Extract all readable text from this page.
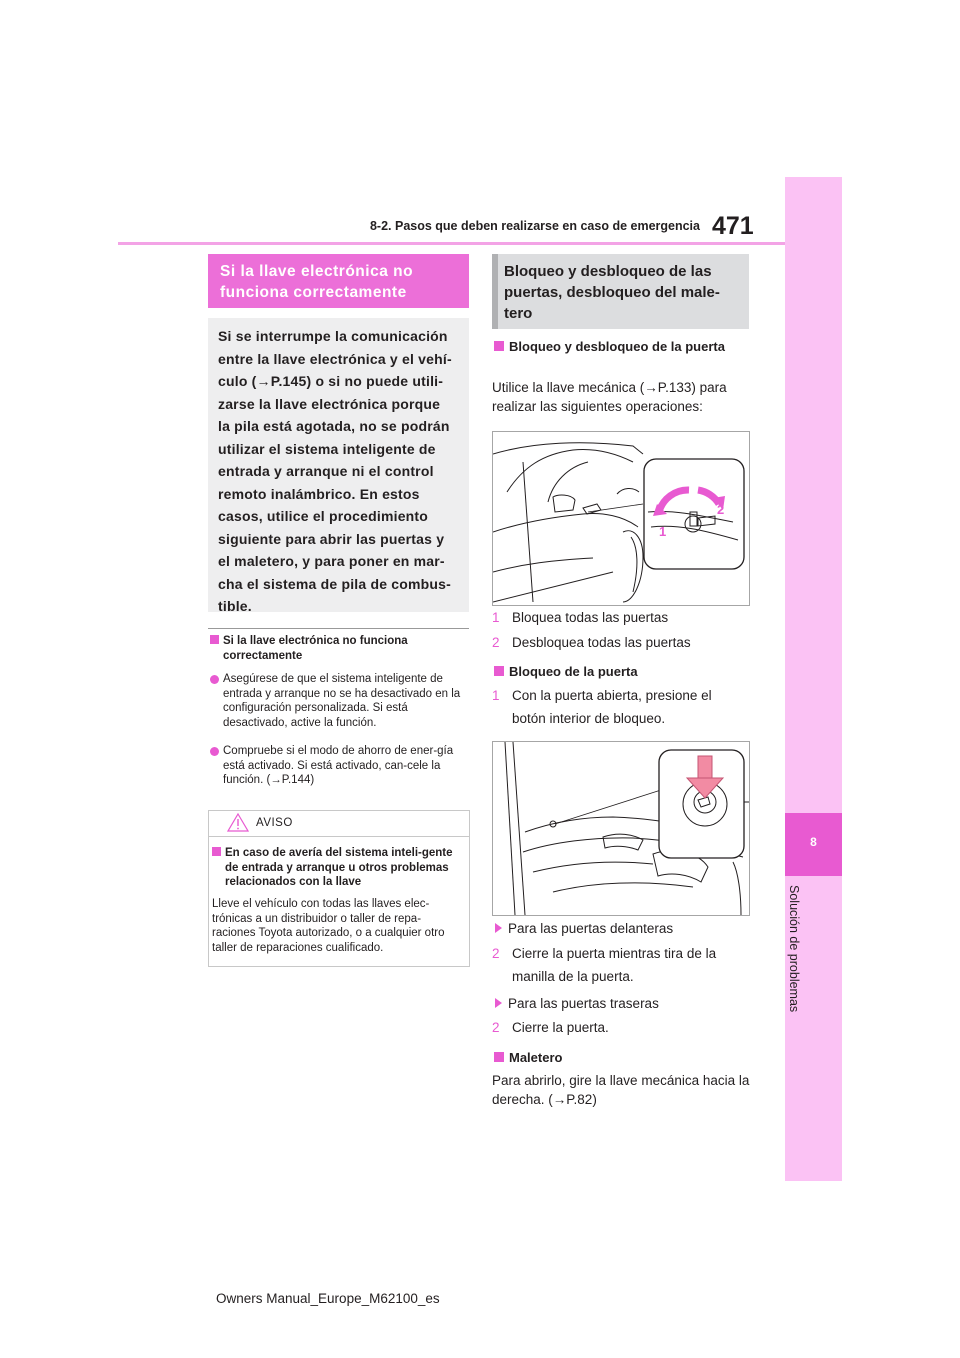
8-2. Pasos que deben realizarse en caso de emergencia 471
8
Solución de problemas
Si la llave electrónica no funciona correctamente
Si se interrumpe la comunicación entre la llave electrónica y el vehí-culo (→P.145) o si no puede utili-zarse la llave electrónica porque la pila está agotada, no se podrán utilizar el sistema inteligente de entrada y arranque ni el control remoto inalámbrico. En estos casos, utilice el procedimiento siguiente para abrir las puertas y el maletero, y para poner en mar-cha el sistema de pila de combus-tible.
Si la llave electrónica no funciona correctamente
Asegúrese de que el sistema inteligente de entrada y arranque no se ha desactivado en la configuración personalizada. Si está desactivado, active la función.
Compruebe si el modo de ahorro de ener-gía está activado. Si está activado, can-cele la función. (→P.144)
AVISO
En caso de avería del sistema inteli-gente de entrada y arranque u otros problemas relacionados con la llave
Lleve el vehículo con todas las llaves elec-trónicas a un distribuidor o taller de repa-raciones Toyota autorizado, o a cualquier otro taller de reparaciones cualificado.
Bloqueo y desbloqueo de las puertas, desbloqueo del male-tero
Bloqueo y desbloqueo de la puerta
Utilice la llave mecánica (→P.133) para realizar las siguientes operaciones:
1
2
1 Bloquea todas las puertas
2 Desbloquea todas las puertas
Bloqueo de la puerta
1 Con la puerta abierta, presione el botón interior de bloqueo.
Para las puertas delanteras
2 Cierre la puerta mientras tira de la manilla de la puerta.
Para las puertas traseras
2 Cierre la puerta.
Maletero
Para abrirlo, gire la llave mecánica hacia la derecha. (→P.82)
Owners Manual_Europe_M62100_es
